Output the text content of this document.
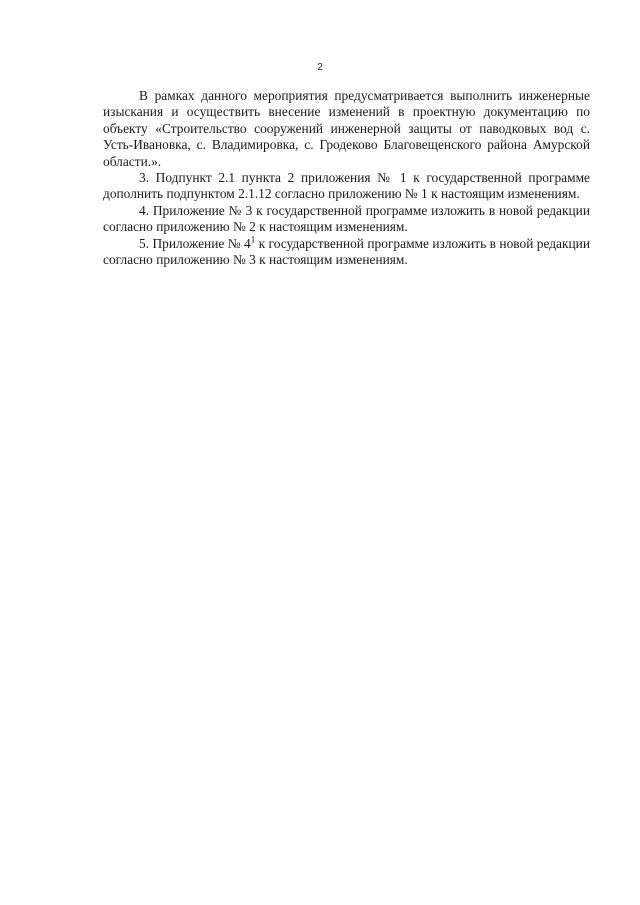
2

В рамках данного мероприятия предусматривается выполнить инженерные изыскания и осуществить внесение изменений в проектную документацию по объекту «Строительство сооружений инженерной защиты от паводковых вод с. Усть-Ивановка, с. Владимировка, с. Гродеково Благовещенского района Амурской области.».

3. Подпункт 2.1 пункта 2 приложения № 1 к государственной программе дополнить подпунктом 2.1.12 согласно приложению № 1 к настоящим изменениям.

4. Приложение № 3 к государственной программе изложить в новой редакции согласно приложению № 2 к настоящим изменениям.

5. Приложение № $4^1$ к государственной программе изложить в новой редакции согласно приложению № 3 к настоящим изменениям.
